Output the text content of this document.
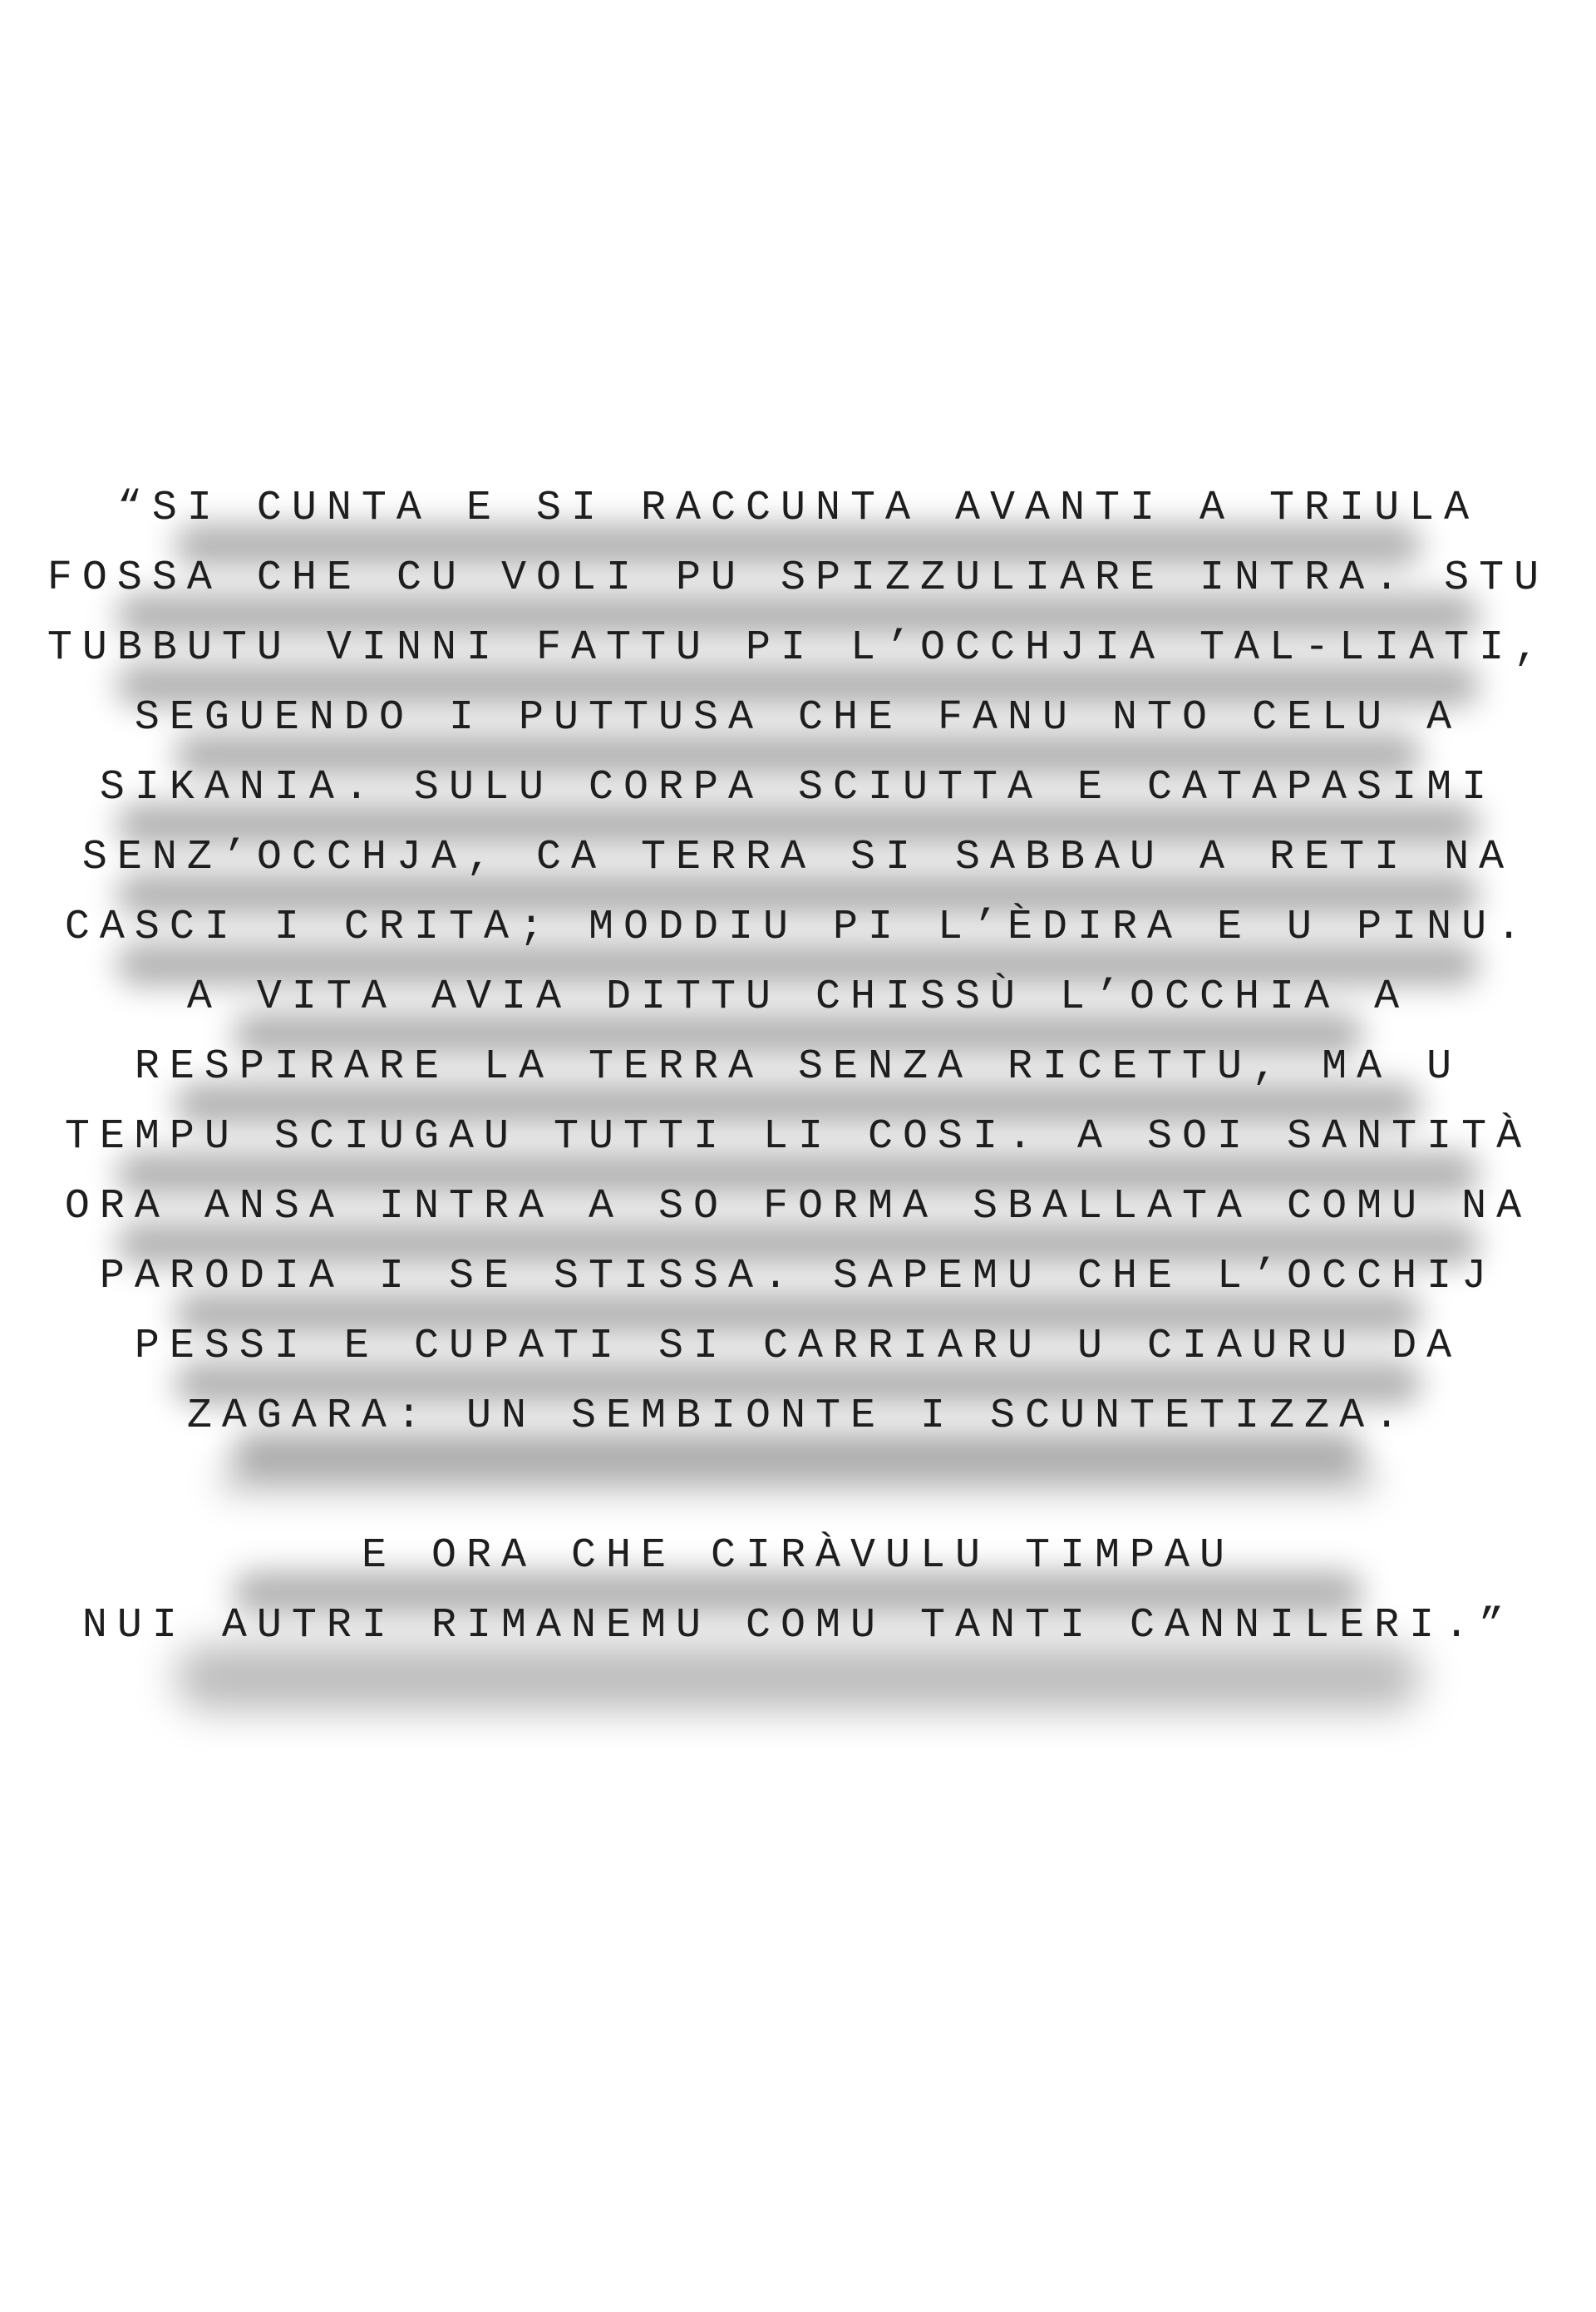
“SI CUNTA E SI RACCUNTA AVANTI A TRIULA
FOSSA CHE CU VOLI PU SPIZZULIARE INTRA. STU
TUBBUTU VINNI FATTU PI L’OCCHJIA TAL-LIATI,
SEGUENDO I PUTTUSA CHE FANU NTO CELU A
SIKANIA. SULU CORPA SCIUTTA E CATAPASIMI
SENZ’OCCHJA, CA TERRA SI SABBAU A RETI NA
CASCI I CRITA; MODDIU PI L’ÈDIRA E U PINU.
A VITA AVIA DITTU CHISSÙ L’OCCHIA A
RESPIRARE LA TERRA SENZA RICETTU, MA U
TEMPU SCIUGAU TUTTI LI COSI. A SOI SANTITÀ
ORA ANSA INTRA A SO FORMA SBALLATA COMU NA
PARODIA I SE STISSA. SAPEMU CHE L’OCCHIJ
PESSI E CUPATI SI CARRIARU U CIAURU DA
ZAGARA: UN SEMBIONTE I SCUNTETIZZA.
E ORA CHE CIRÀVULU TIMPAU
NUI AUTRI RIMANEMU COMU TANTI CANNILERI.”
